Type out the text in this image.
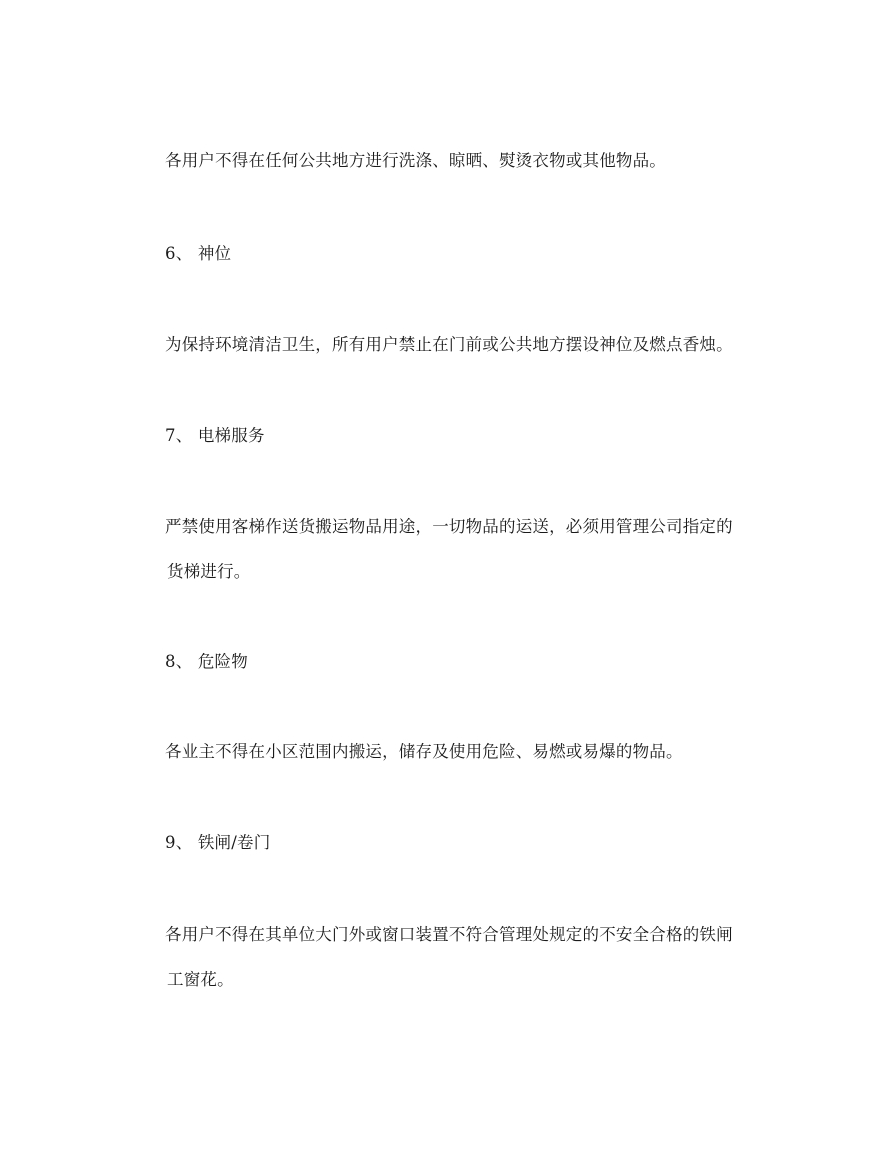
各用户不得在任何公共地方进行洗涤、晾晒、熨烫衣物或其他物品。
6、 神位
为保持环境清洁卫生，所有用户禁止在门前或公共地方摆设神位及燃点香烛。
7、 电梯服务
严禁使用客梯作送货搬运物品用途，一切物品的运送，必须用管理公司指定的
货梯进行。
8、 危险物
各业主不得在小区范围内搬运，储存及使用危险、易燃或易爆的物品。
9、 铁闸/卷门
各用户不得在其单位大门外或窗口装置不符合管理处规定的不安全合格的铁闸
工窗花。
